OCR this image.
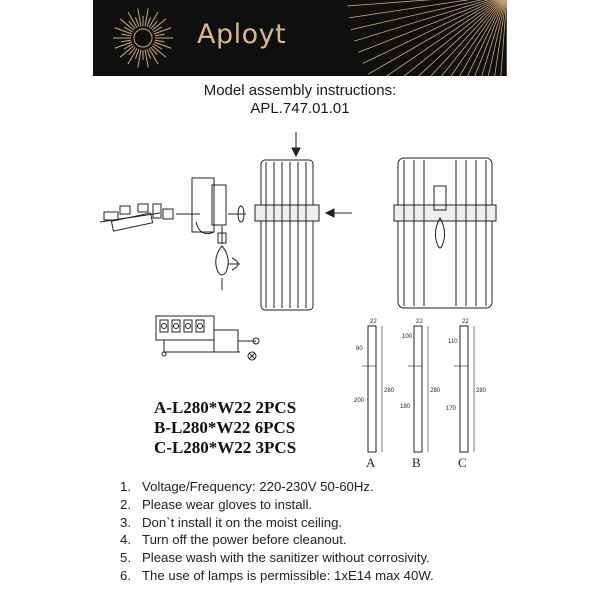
Aployt
Model assembly instructions:
APL.747.01.01
22
80
280
200
A
22
100
280
180
B
22
110
280
170
C
A-L280*W22 2PCS
B-L280*W22 6PCS
C-L280*W22 3PCS
1. Voltage/Frequency: 220-230V 50-60Hz.
2. Please wear gloves to install.
3. Don`t install it on the moist ceiling.
4. Turn off the power before cleanout.
5. Please wash with the sanitizer without corrosivity.
6. The use of lamps is permissible: 1xE14 max 40W.
